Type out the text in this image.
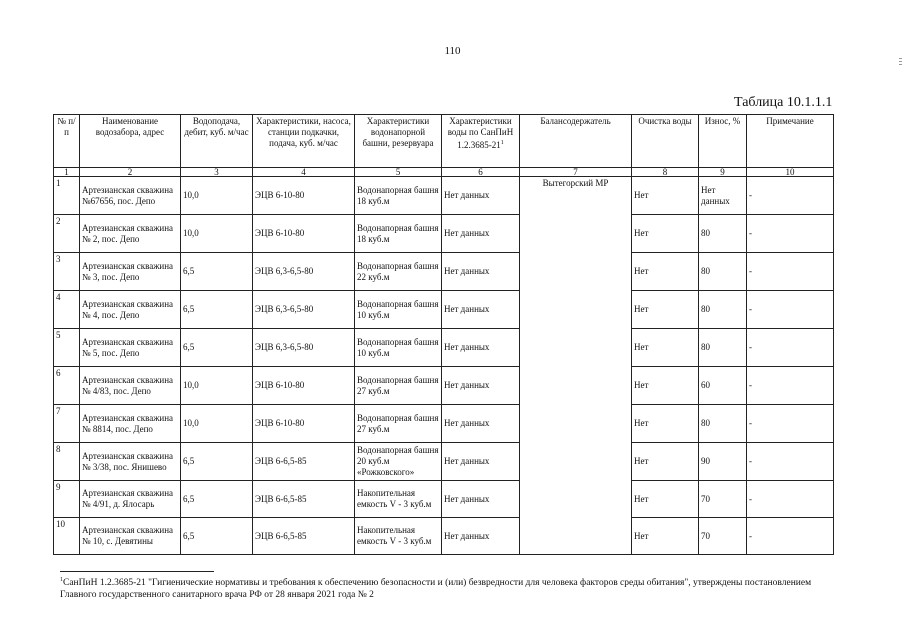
110
Таблица 10.1.1.1
№ п/п	Наименование водозабора, адрес	Водоподача, дебит, куб. м/час	Характеристики, насоса, станции подкачки, подача, куб. м/час	Характеристики водонапорной башни, резервуара	Характеристики воды по СанПиН $1.2.3685-21^1$	Балансодержатель	Очистка воды	Износ, %	Примечание
1	2	3	4	5	6	7	8	9	10
1	Артезианская скважина №67656, пос. Депо	10,0	ЭЦВ 6-10-80	Водонапорная башня 18 куб.м	Нет данных	Вытегорский МР	Нет	Нет данных	-
2	Артезианская скважина № 2, пос. Депо	10,0	ЭЦВ 6-10-80	Водонапорная башня 18 куб.м	Нет данных		Нет	80	-
3	Артезианская скважина № 3, пос. Депо	6,5	ЭЦВ 6,3-6,5-80	Водонапорная башня 22 куб.м	Нет данных		Нет	80	-
4	Артезианская скважина № 4, пос. Депо	6,5	ЭЦВ 6,3-6,5-80	Водонапорная башня 10 куб.м	Нет данных		Нет	80	-
5	Артезианская скважина № 5, пос. Депо	6,5	ЭЦВ 6,3-6,5-80	Водонапорная башня 10 куб.м	Нет данных		Нет	80	-
6	Артезианская скважина № 4/83, пос. Депо	10,0	ЭЦВ 6-10-80	Водонапорная башня 27 куб.м	Нет данных		Нет	60	-
7	Артезианская скважина № 8814, пос. Депо	10,0	ЭЦВ 6-10-80	Водонапорная башня 27 куб.м	Нет данных		Нет	80	-
8	Артезианская скважина № 3/38, пос. Янишево	6,5	ЭЦВ 6-6,5-85	Водонапорная башня 20 куб.м «Рожковского»	Нет данных		Нет	90	-
9	Артезианская скважина № 4/91, д. Ялосарь	6,5	ЭЦВ 6-6,5-85	Накопительная емкость V - 3 куб.м	Нет данных		Нет	70	-
10	Артезианская скважина № 10, с. Девятины	6,5	ЭЦВ 6-6,5-85	Накопительная емкость V - 3 куб.м	Нет данных		Нет	70	-
$^1$СанПиН 1.2.3685-21 "Гигиенические нормативы и требования к обеспечению безопасности и (или) безвредности для человека факторов среды обитания", утверждены постановлением Главного государственного санитарного врача РФ от 28 января 2021 года № 2
